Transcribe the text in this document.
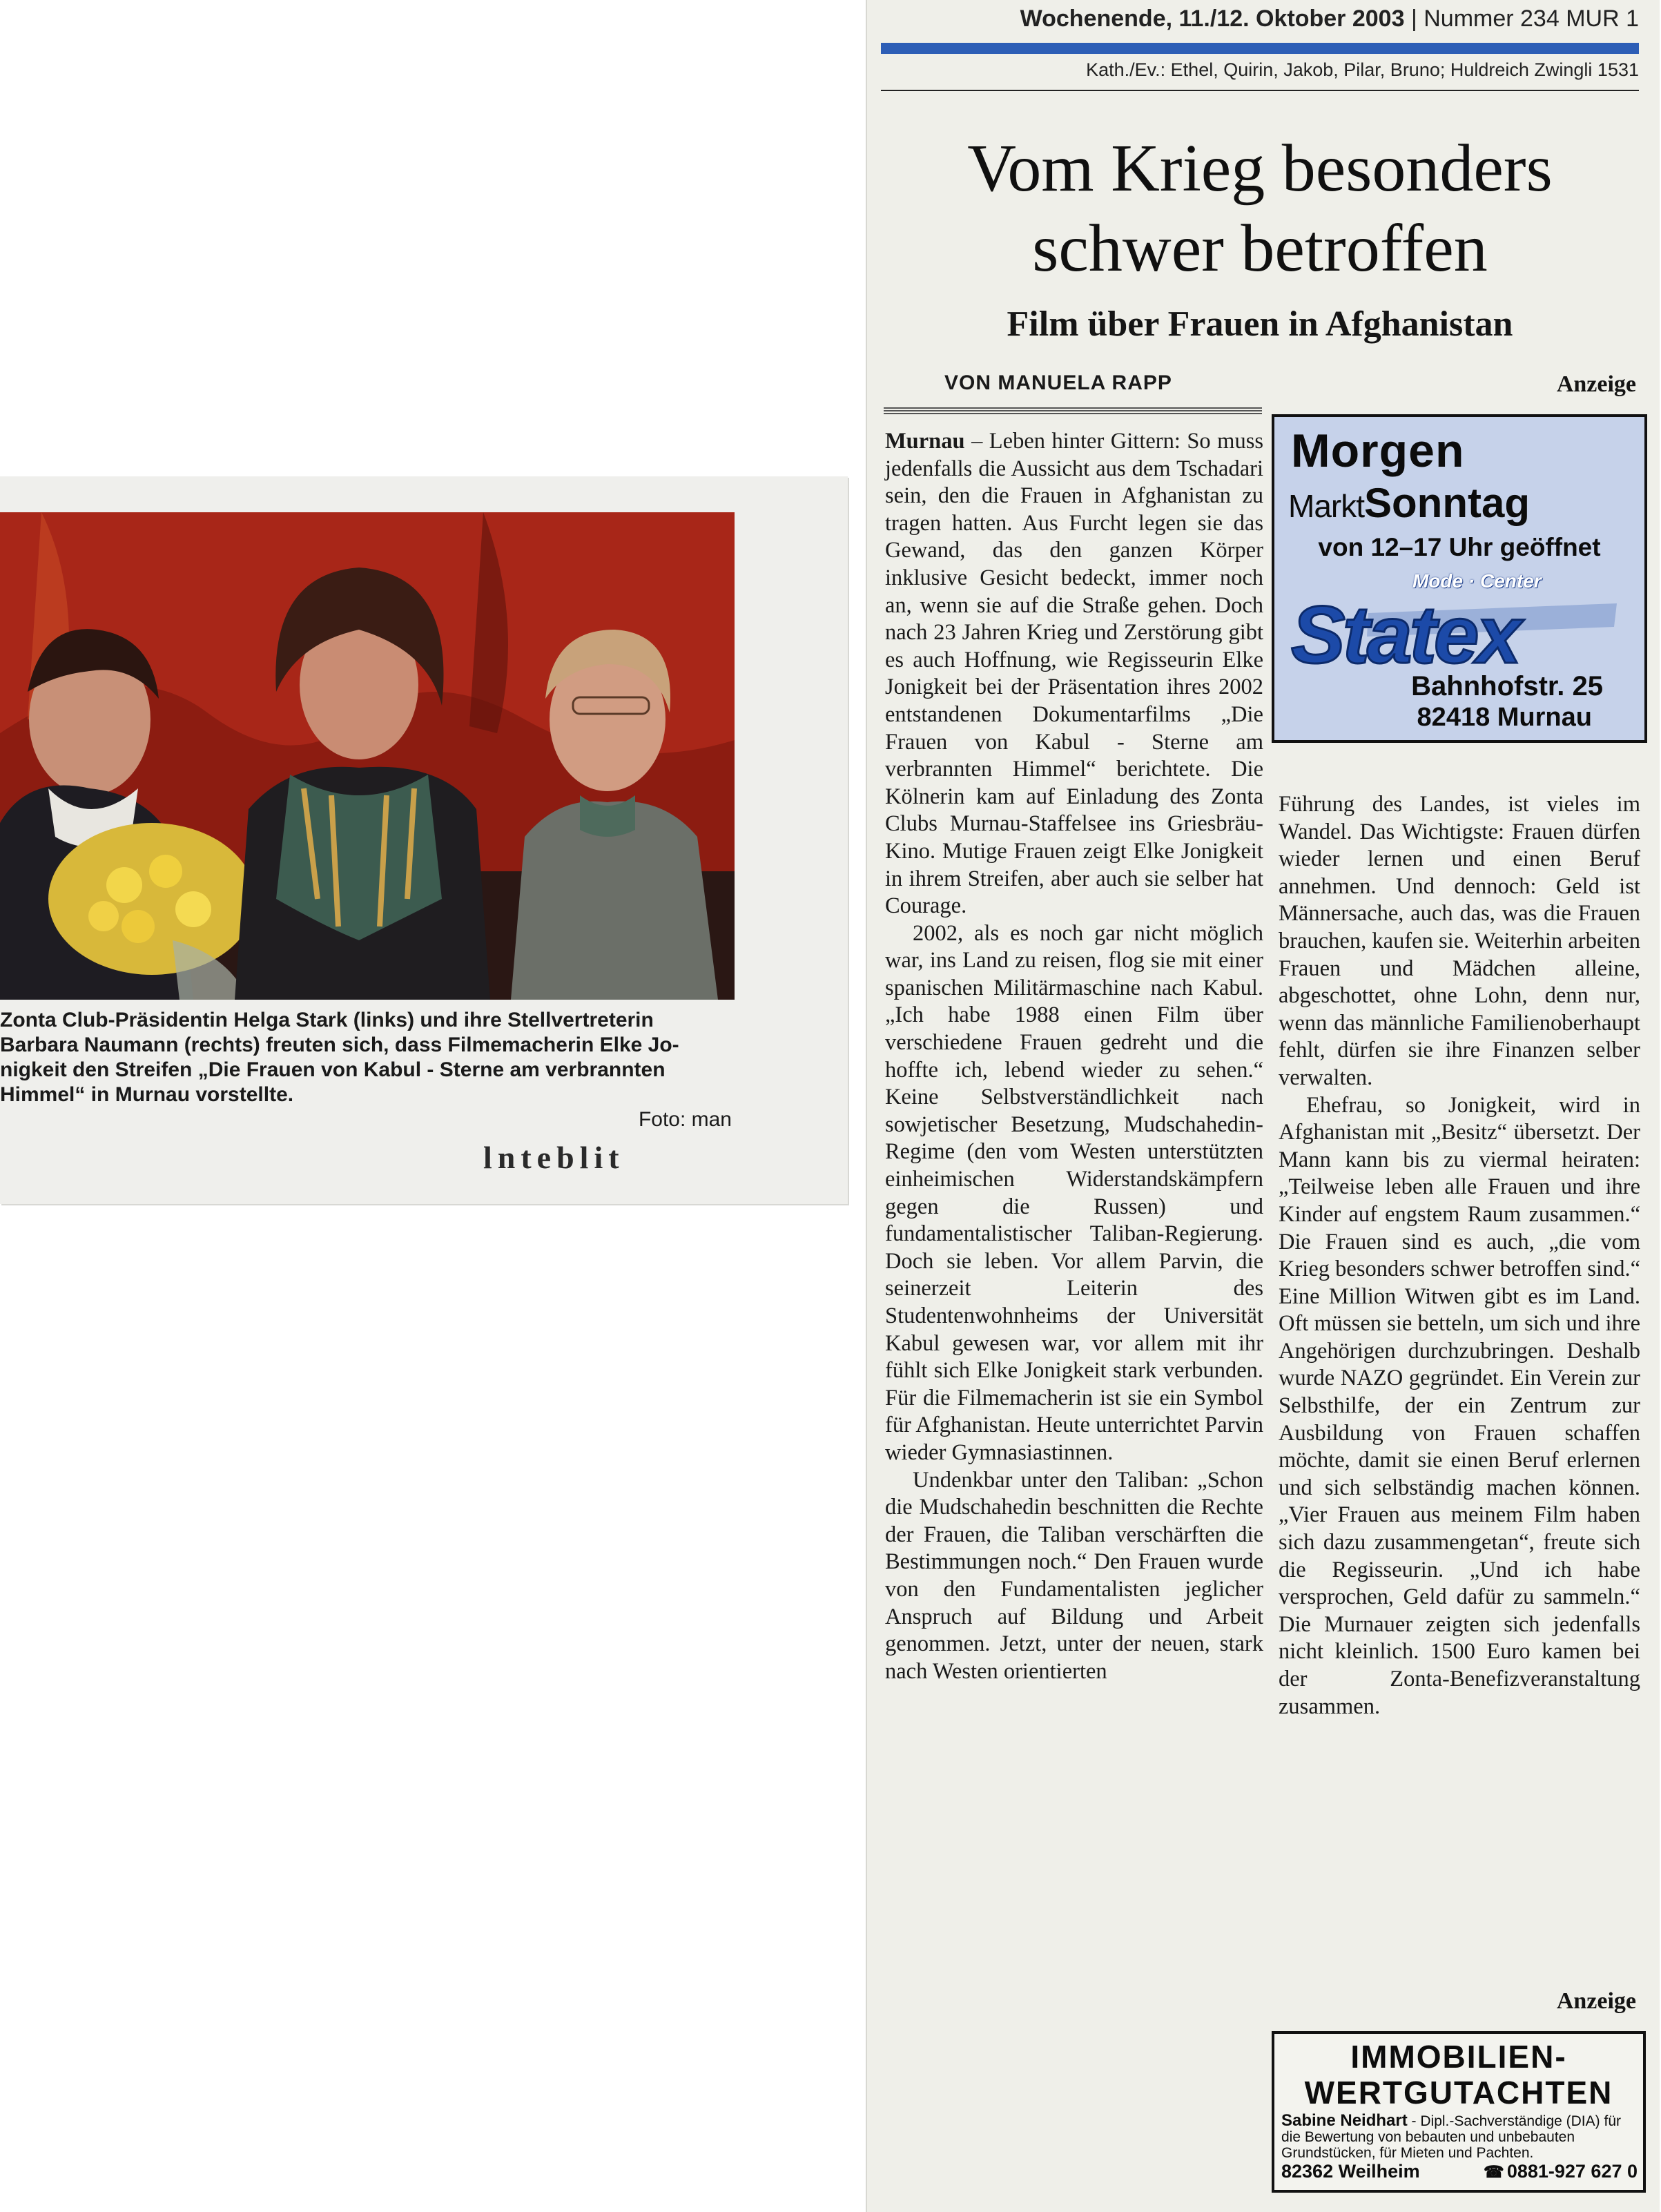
Zonta Club-Präsidentin Helga Stark (links) und ihre Stellvertreterin
Barbara Naumann (rechts) freuten sich, dass Filmemacherin Elke Jo-
nigkeit den Streifen „Die Frauen von Kabul - Sterne am verbrannten
Himmel“ in Murnau vorstellte.
Foto: man
lnteblit
Wochenende, 11./12. Oktober 2003 | Nummer 234 MUR 1
Kath./Ev.: Ethel, Quirin, Jakob, Pilar, Bruno; Huldreich Zwingli 1531
Vom Krieg besonders
schwer betroffen
Film über Frauen in Afghanistan
VON MANUELA RAPP	Anzeige
Morgen
MarktSonntag
von 12–17 Uhr geöffnet
Mode · Center
Statex
Bahnhofstr. 25
82418 Murnau

Murnau – Leben hinter Gittern: So muss jedenfalls die Aussicht aus dem Tschadari sein, den die Frauen in Afghanistan zu tragen hatten. Aus Furcht legen sie das Gewand, das den ganzen Körper inklusive Gesicht bedeckt, immer noch an, wenn sie auf die Straße gehen. Doch nach 23 Jahren Krieg und Zerstörung gibt es auch Hoffnung, wie Regisseurin Elke Jonigkeit bei der Präsentation ihres 2002 entstandenen Dokumentarfilms „Die Frauen von Kabul - Sterne am verbrannten Himmel“ berichtete. Die Kölnerin kam auf Einladung des Zonta Clubs Murnau-Staffelsee ins Griesbräu-Kino. Mutige Frauen zeigt Elke Jonigkeit in ihrem Streifen, aber auch sie selber hat Courage.

2002, als es noch gar nicht möglich war, ins Land zu reisen, flog sie mit einer spanischen Militärmaschine nach Kabul. „Ich habe 1988 einen Film über verschiedene Frauen gedreht und die hoffte ich, lebend wieder zu sehen.“ Keine Selbstverständlichkeit nach sowjetischer Besetzung, Mudschahedin-Regime (den vom Westen unterstützten einheimischen Widerstandskämpfern gegen die Russen) und fundamentalistischer Taliban-Regierung. Doch sie leben. Vor allem Parvin, die seinerzeit Leiterin des Studentenwohnheims der Universität Kabul gewesen war, vor allem mit ihr fühlt sich Elke Jonigkeit stark verbunden. Für die Filmemacherin ist sie ein Symbol für Afghanistan. Heute unterrichtet Parvin wieder Gymnasiastinnen.

Undenkbar unter den Taliban: „Schon die Mudschahedin beschnitten die Rechte der Frauen, die Taliban verschärften die Bestimmungen noch.“ Den Frauen wurde von den Fundamentalisten jeglicher Anspruch auf Bildung und Arbeit genommen. Jetzt, unter der neuen, stark nach Westen orientierten

Führung des Landes, ist vieles im Wandel. Das Wichtigste: Frauen dürfen wieder lernen und einen Beruf annehmen. Und dennoch: Geld ist Männersache, auch das, was die Frauen brauchen, kaufen sie. Weiterhin arbeiten Frauen und Mädchen alleine, abgeschottet, ohne Lohn, denn nur, wenn das männliche Familienoberhaupt fehlt, dürfen sie ihre Finanzen selber verwalten.

Ehefrau, so Jonigkeit, wird in Afghanistan mit „Besitz“ übersetzt. Der Mann kann bis zu viermal heiraten: „Teilweise leben alle Frauen und ihre Kinder auf engstem Raum zusammen.“ Die Frauen sind es auch, „die vom Krieg besonders schwer betroffen sind.“ Eine Million Witwen gibt es im Land. Oft müssen sie betteln, um sich und ihre Angehörigen durchzubringen. Deshalb wurde NAZO gegründet. Ein Verein zur Selbsthilfe, der ein Zentrum zur Ausbildung von Frauen schaffen möchte, damit sie einen Beruf erlernen und sich selbständig machen können. „Vier Frauen aus meinem Film haben sich dazu zusammengetan“, freute sich die Regisseurin. „Und ich habe versprochen, Geld dafür zu sammeln.“ Die Murnauer zeigten sich jedenfalls nicht kleinlich. 1500 Euro kamen bei der Zonta-Benefizveranstaltung zusammen.

Anzeige
IMMOBILIEN-
WERTGUTACHTEN
Sabine Neidhart - Dipl.-Sachverständige (DIA) für die Bewertung von bebauten und unbebauten Grundstücken, für Mieten und Pachten.
82362 Weilheim	☎ 0881-927 627 0
